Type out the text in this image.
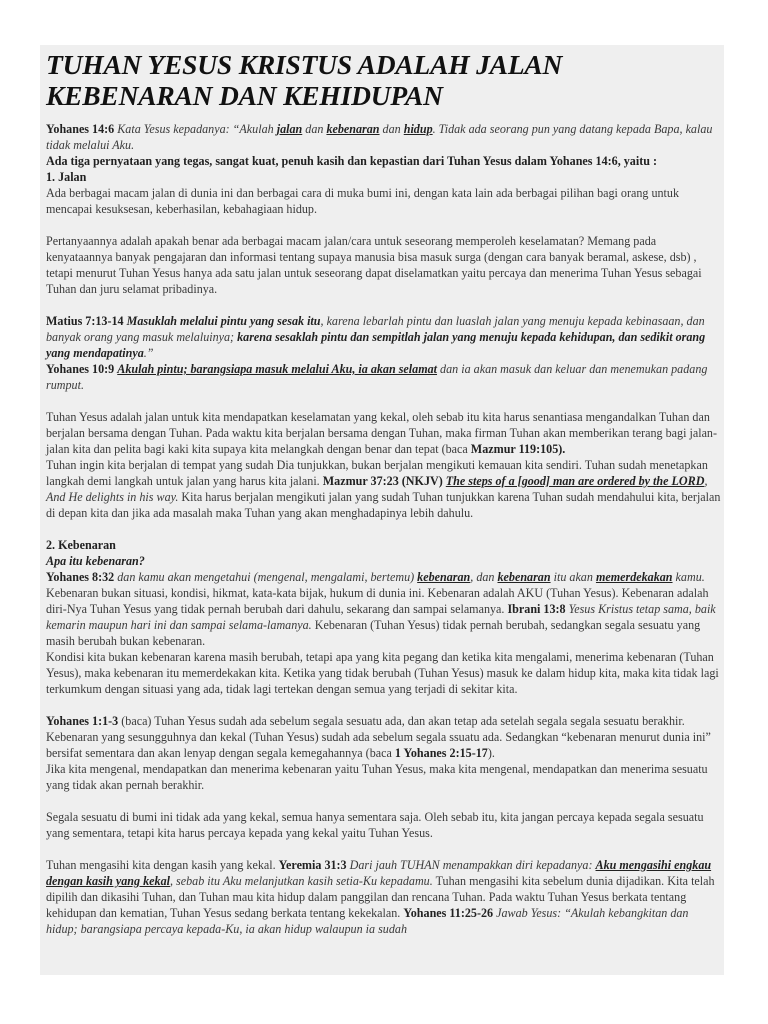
TUHAN YESUS KRISTUS ADALAH JALAN KEBENARAN DAN KEHIDUPAN

Yohanes 14:6 Kata Yesus kepadanya: “Akulah jalan dan kebenaran dan hidup. Tidak ada seorang pun yang datang kepada Bapa, kalau tidak melalui Aku.

Ada tiga pernyataan yang tegas, sangat kuat, penuh kasih dan kepastian dari Tuhan Yesus dalam Yohanes 14:6, yaitu :

1. Jalan

Ada berbagai macam jalan di dunia ini dan berbagai cara di muka bumi ini, dengan kata lain ada berbagai pilihan bagi orang untuk mencapai kesuksesan, keberhasilan, kebahagiaan hidup.

Pertanyaannya adalah apakah benar ada berbagai macam jalan/cara untuk seseorang memperoleh keselamatan? Memang pada kenyataannya banyak pengajaran dan informasi tentang supaya manusia bisa masuk surga (dengan cara banyak beramal, askese, dsb) , tetapi menurut Tuhan Yesus hanya ada satu jalan untuk seseorang dapat diselamatkan yaitu percaya dan menerima Tuhan Yesus sebagai Tuhan dan juru selamat pribadinya.

Matius 7:13-14 Masuklah melalui pintu yang sesak itu, karena lebarlah pintu dan luaslah jalan yang menuju kepada kebinasaan, dan banyak orang yang masuk melaluinya; karena sesaklah pintu dan sempitlah jalan yang menuju kepada kehidupan, dan sedikit orang yang mendapatinya.”

Yohanes 10:9 Akulah pintu; barangsiapa masuk melalui Aku, ia akan selamat dan ia akan masuk dan keluar dan menemukan padang rumput.

Tuhan Yesus adalah jalan untuk kita mendapatkan keselamatan yang kekal, oleh sebab itu kita harus senantiasa mengandalkan Tuhan dan berjalan bersama dengan Tuhan. Pada waktu kita berjalan bersama dengan Tuhan, maka firman Tuhan akan memberikan terang bagi jalan-jalan kita dan pelita bagi kaki kita supaya kita melangkah dengan benar dan tepat (baca Mazmur 119:105).

Tuhan ingin kita berjalan di tempat yang sudah Dia tunjukkan, bukan berjalan mengikuti kemauan kita sendiri. Tuhan sudah menetapkan langkah demi langkah untuk jalan yang harus kita jalani. Mazmur 37:23 (NKJV) The steps of a [good] man are ordered by the LORD, And He delights in his way. Kita harus berjalan mengikuti jalan yang sudah Tuhan tunjukkan karena Tuhan sudah mendahului kita, berjalan di depan kita dan jika ada masalah maka Tuhan yang akan menghadapinya lebih dahulu.

2. Kebenaran

Apa itu kebenaran?

Yohanes 8:32 dan kamu akan mengetahui (mengenal, mengalami, bertemu) kebenaran, dan kebenaran itu akan memerdekakan kamu.

Kebenaran bukan situasi, kondisi, hikmat, kata-kata bijak, hukum di dunia ini. Kebenaran adalah AKU (Tuhan Yesus). Kebenaran adalah diri-Nya Tuhan Yesus yang tidak pernah berubah dari dahulu, sekarang dan sampai selamanya. Ibrani 13:8 Yesus Kristus tetap sama, baik kemarin maupun hari ini dan sampai selama-lamanya. Kebenaran (Tuhan Yesus) tidak pernah berubah, sedangkan segala sesuatu yang masih berubah bukan kebenaran.

Kondisi kita bukan kebenaran karena masih berubah, tetapi apa yang kita pegang dan ketika kita mengalami, menerima kebenaran (Tuhan Yesus), maka kebenaran itu memerdekakan kita. Ketika yang tidak berubah (Tuhan Yesus) masuk ke dalam hidup kita, maka kita tidak lagi terkumkum dengan situasi yang ada, tidak lagi tertekan dengan semua yang terjadi di sekitar kita.

Yohanes 1:1-3 (baca) Tuhan Yesus sudah ada sebelum segala sesuatu ada, dan akan tetap ada setelah segala segala sesuatu berakhir. Kebenaran yang sesungguhnya dan kekal (Tuhan Yesus) sudah ada sebelum segala ssuatu ada. Sedangkan “kebenaran menurut dunia ini” bersifat sementara dan akan lenyap dengan segala kemegahannya (baca 1 Yohanes 2:15-17).

Jika kita mengenal, mendapatkan dan menerima kebenaran yaitu Tuhan Yesus, maka kita mengenal, mendapatkan dan menerima sesuatu yang tidak akan pernah berakhir.

Segala sesuatu di bumi ini tidak ada yang kekal, semua hanya sementara saja. Oleh sebab itu, kita jangan percaya kepada segala sesuatu yang sementara, tetapi kita harus percaya kepada yang kekal yaitu Tuhan Yesus.

Tuhan mengasihi kita dengan kasih yang kekal. Yeremia 31:3 Dari jauh TUHAN menampakkan diri kepadanya: Aku mengasihi engkau dengan kasih yang kekal, sebab itu Aku melanjutkan kasih setia-Ku kepadamu. Tuhan mengasihi kita sebelum dunia dijadikan. Kita telah dipilih dan dikasihi Tuhan, dan Tuhan mau kita hidup dalam panggilan dan rencana Tuhan. Pada waktu Tuhan Yesus berkata tentang kehidupan dan kematian, Tuhan Yesus sedang berkata tentang kekekalan. Yohanes 11:25-26 Jawab Yesus: “Akulah kebangkitan dan hidup; barangsiapa percaya kepada-Ku, ia akan hidup walaupun ia sudah
